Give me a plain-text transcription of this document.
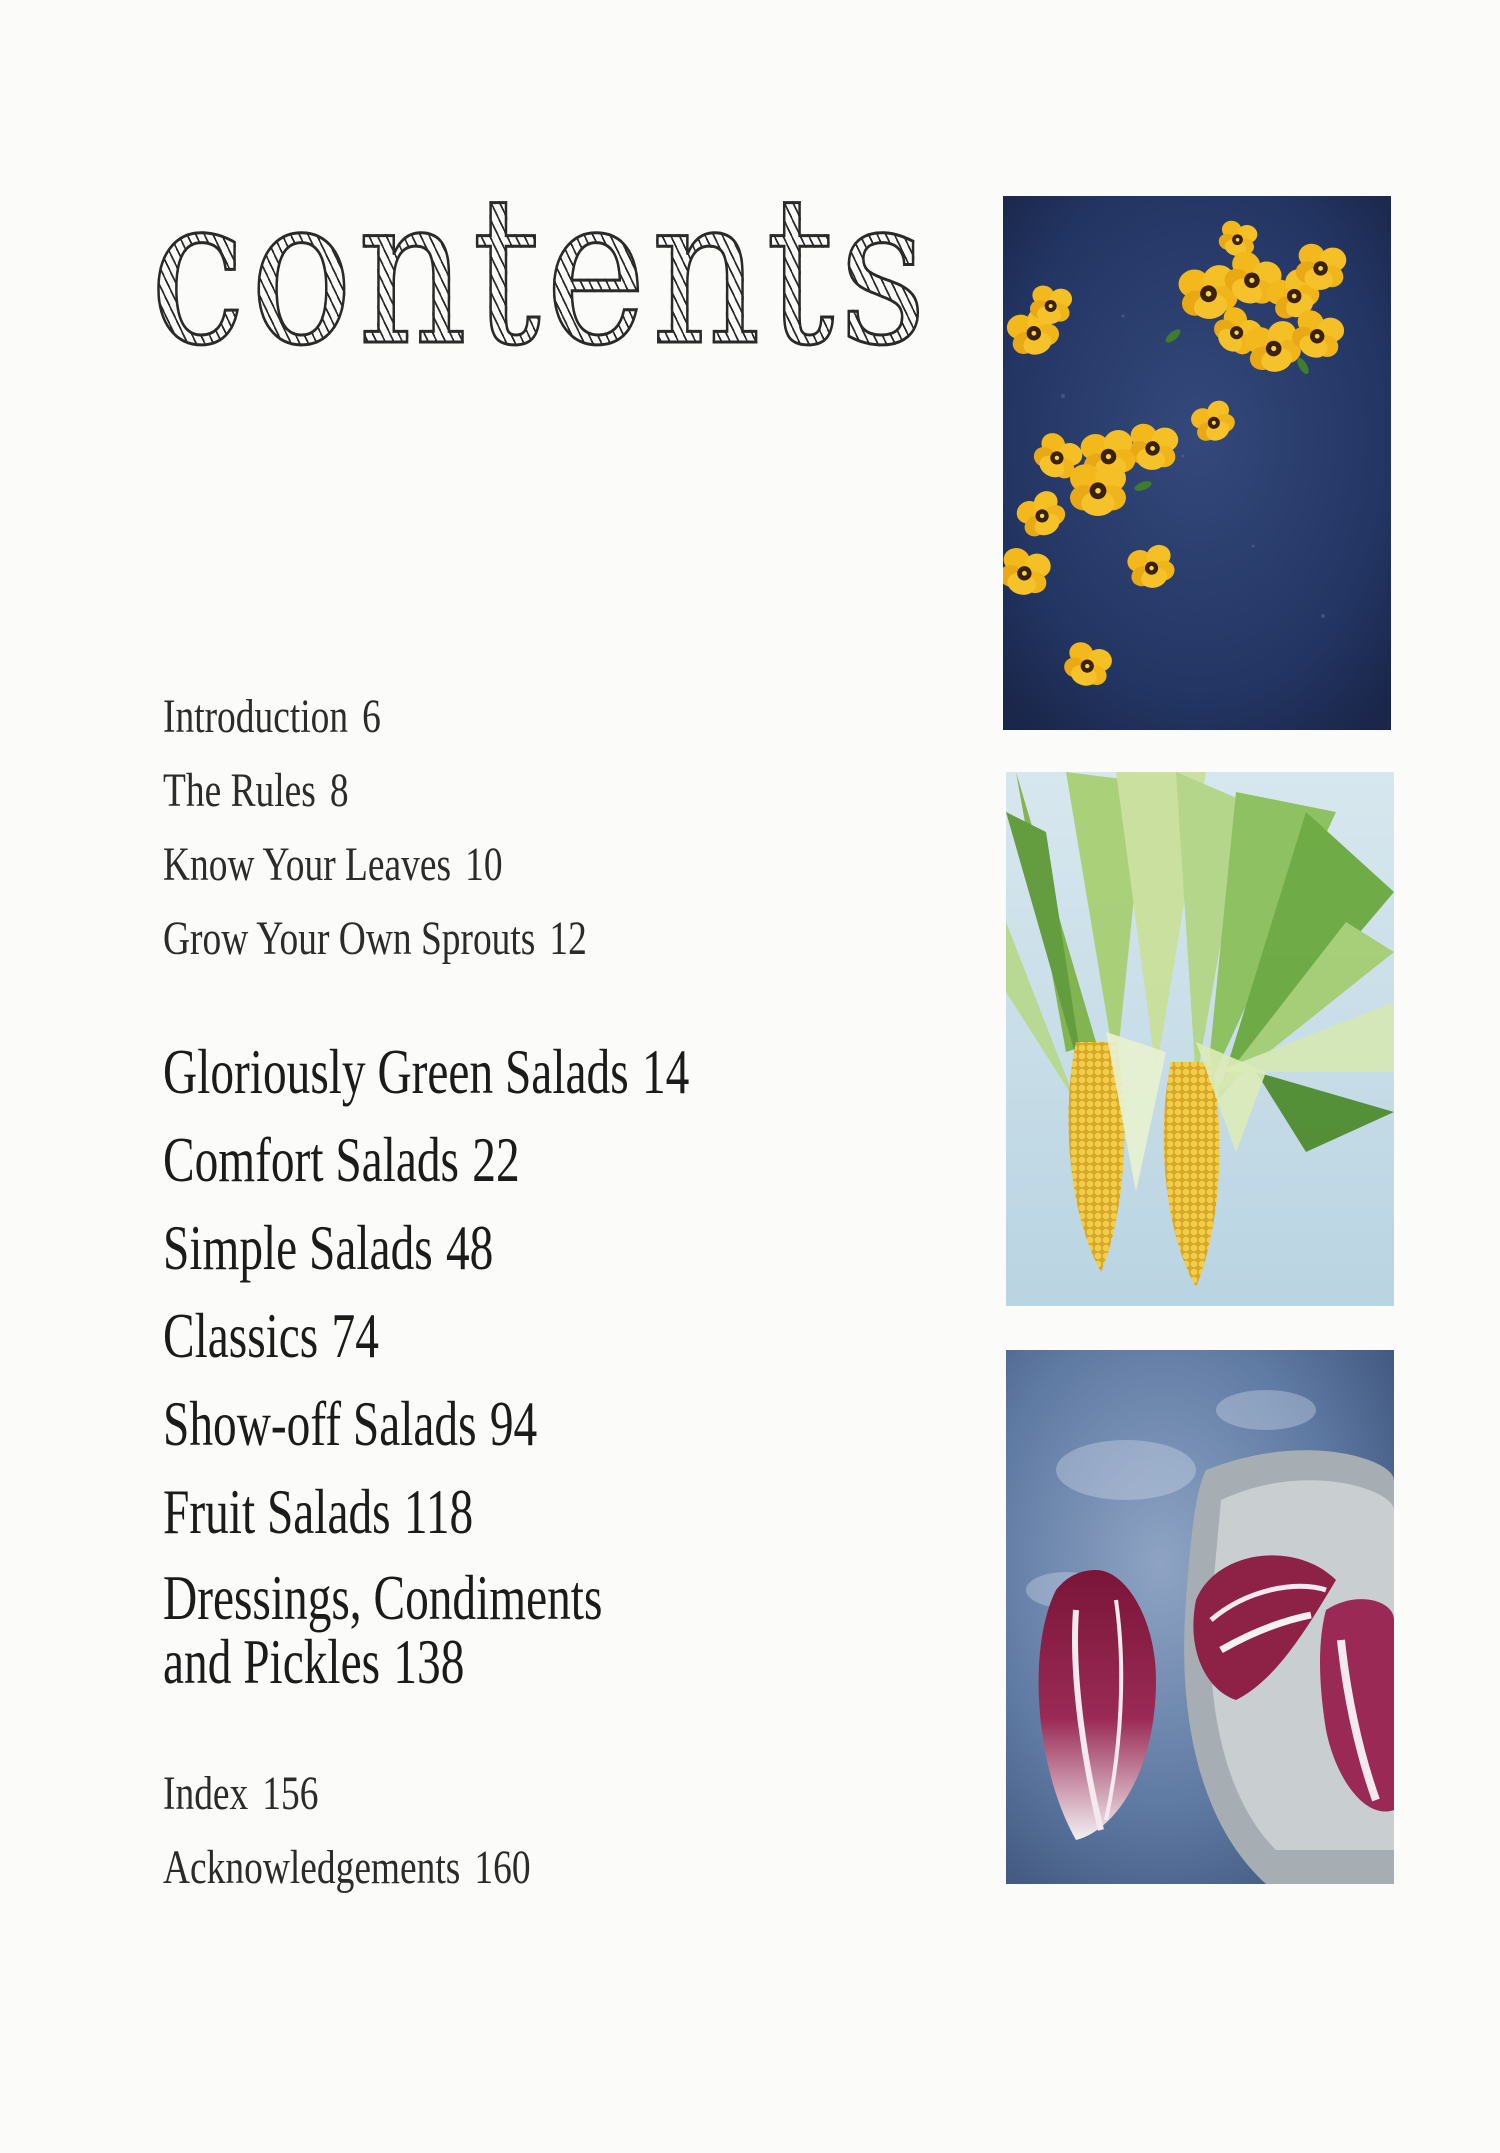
contents
Introduction 6
The Rules 8
Know Your Leaves 10
Grow Your Own Sprouts 12
Gloriously Green Salads 14
Comfort Salads 22
Simple Salads 48
Classics 74
Show-off Salads 94
Fruit Salads 118
Dressings, Condiments
and Pickles 138
Index 156
Acknowledgements 160
